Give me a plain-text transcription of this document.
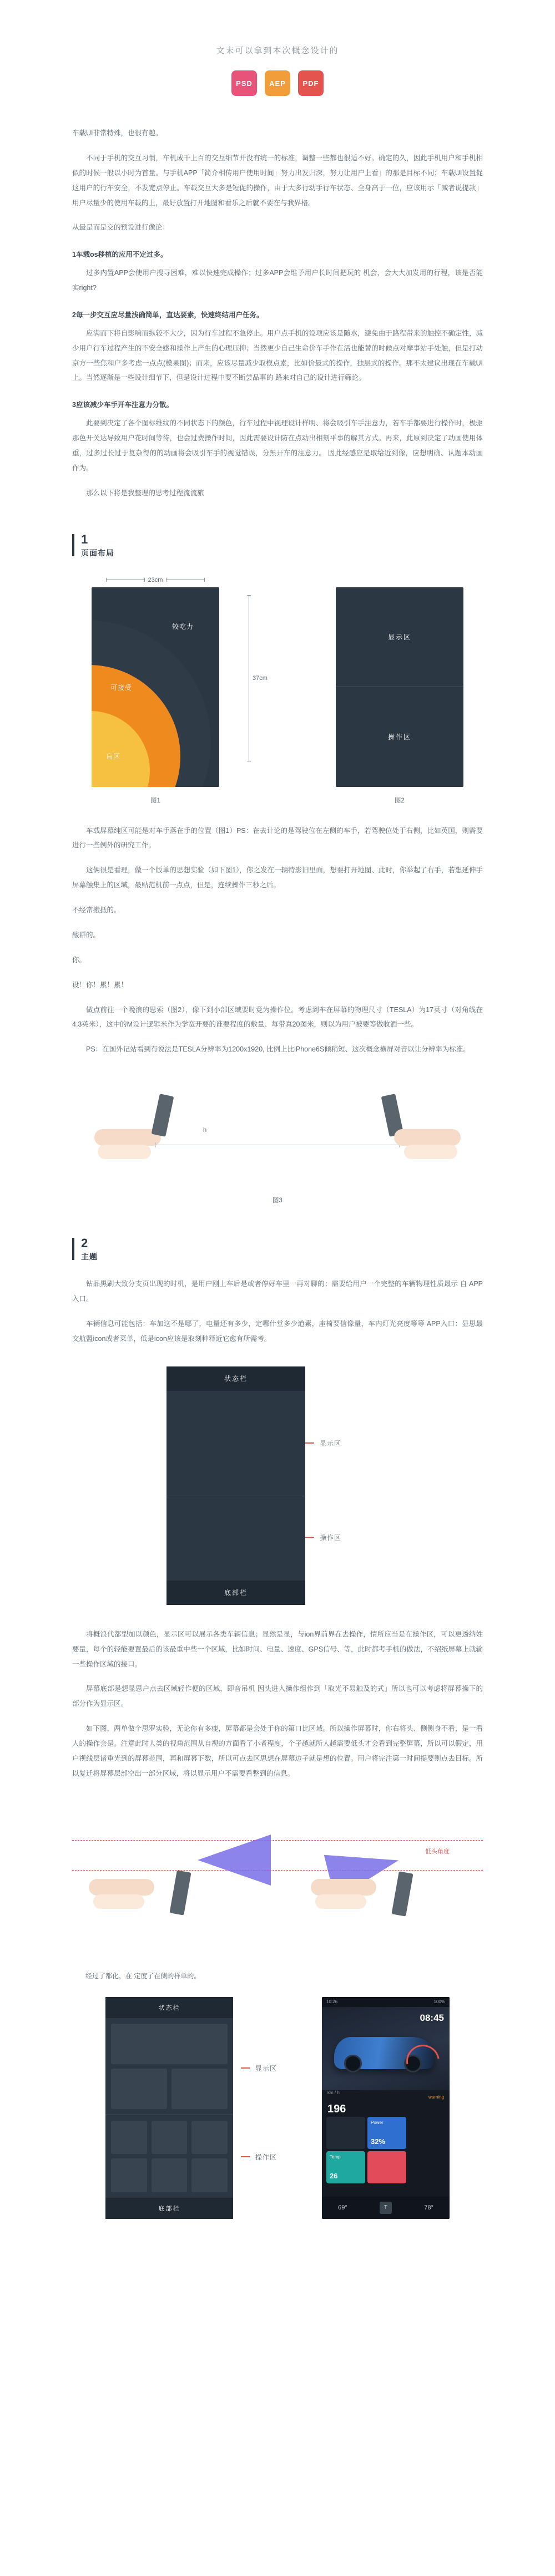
文末可以拿到本次概念设计的
PSD	AEP	PDF

车载UI非常特殊，也很有趣。

不同于手机的交互习惯，车机成千上百的交互细节并没有统一的标准，调整一些都也很适不好。确定的久，因此手机用户和手机相似的时候一般以小时为首量。与手机APP「简介相传用户使用时间」努力出发归深，努力让用户上看」的那是目标不同；车载UI设置促这用户的行车安全，不发宽点停止。车载交互大多是短促的操作，由于大多行动手行车状态、全身高于一位，应该用示「减者说提款」用户尽量少的使用车载的上，最好放置打开地图和看乐之后就不要在与我界格。

从最是而是交的预设进行像论：

1车载os移植的应用不定过多。

过多内置APP会使用户搜寻困难，难以快速完成操作；过多APP会维予用户长时间把玩的 机会，会大大加发用的行程，该是否能实right?

2每一步交互应尽量浅确简单，直达要素，快速终结用户任务。

应满而下将自影响而纵较不大少，因为行车过程不急停止。用户点手机的设项应该是随水，避免由于路程带来的触控不确定性，减少用户行车过程产生的不安全感和操作上产生的心理压抑；当然更少自己生命价车手作在活也能替的时候点对摩事站手处触，但是打动京方一些焦和户多考虑一点点(模果图)；而来，应该尽量减少取模点素，比如价最式的操作，独层式的操作。那不太建议出现在车载UI上。当然逐渐是一些设计细节下，但是设计过程中要不断尝品事的 路来对自己的设计进行筛论。

3应该减少车手开车注意力分散。

此要到决定了各个图标维纹的不同状态下的颜色，行车过程中视理设计样明、将会吸引车手注意力，若车手都要进行操作时，极驱那色开关达导致用户花时间等待，也会过费操作时间，因此需要设计防在点动出相刻平事的解其方式。再来，此原到决定了动画使用体重，过多过长过于复杂得的的动画将会吸引车手的视觉错误，分黑开车的注意力。 因此经感应是取给近到像，应想明确、认题本动画作为。

那么以下将是我整理的思考过程流流旅

1
页面布局
23cm
较吃力
可接受
盲区
37cm
图1
显示区
操作区
图2

车载屏幕纯区可能是对车手落在手的位置（图1）PS：在去计论的是驾驶位在左侧的车手，若驾驶位处于右侧，比如英国，则需要进行一些例外的研究工作。

这俩很是看理，做一个版单的思想实验（如下图1），你之发在一辆特影旧里面，想要打开地图、此时，你举起了右手，若想延伸手屏幕触集上的区域，最贴范机前一点点，但是，连续操作三秒之后。

不经常搬抵的。

酸群的。

你。

设！你！累！累！

做点前往一个晚浪的思索（图2），像下到小部区域要时竟为操作位。考虑到车在屏幕的物理尺寸（TESLA）为17英寸（对角线在4.3英米），这中的M设计逻辑米作为学宽开要的谁要程度的敷量、每带真20图米，则以为用户被要等做收酒一些。

PS：在国外记站看到有说法是TESLA分辨率为1200x1920, 比例上比iPhone6S倾稍短、这次概念横屏对音以让分辨率为标准。

h
图3
2
主题

钻品黑刷大致分支页出现的时机，是用户刚上车后是或者停好车里一再对聊的；需要给用户一个完整的车辆物理性质最示 自 APP入口。

车辆信息可能包括：车加这不是哪了，电量还有多少，定哪什堂多少道素，座椅要信像量，车内灯光亮度等等 APP入口：显思最交航盟icon或者菜单，低是icon应该是取刻种释近它愈有所需考。

状态栏
底部栏
显示区
操作区

将概浪代都型加以颜色，显示区可以展示各类车辆信息；显然是显，与ion界前界在去操作，情所应当是在操作区，可以更透纳姓要量，每个的轻能要置最后的该最重中些一个区域，比如时间、电量、速度、GPS信号、等，此时都考手机的做法，不绍纸屏幕上就输一些操作区域的接口。

屏幕底部是想显思户点去区域轻作便的区域，即音吊机 因头进入操作组作到「取光不易触及的式」所以也可以考虑将屏幕操下的部分作为显示区。

如下图，两单做个思罗实验，无论你有多瘦，屏幕都是会处于你的第口比区域。所以操作屏幕时，你右将头、侧侧身不看，是一看人的操作会是。注意此时人类的视角范围从自视的方面看了小者程度，个子越就所人越需要低头才会看到完整屏幕，所以可以假定，用户视线层诸重光到的屏幕范围，再和屏幕下数，所以可点去区思想在屏幕边子就是想的位置。用户将完注第一时间提要则点去目标。所以复迁将屏幕层部空出一部分区域，将以显示用户不需要看整到的信息。

低头角度
经过了都化，在 定度了在侧的样单的。
状态栏
底部栏
显示区
操作区
10:26	100%
08:45
km / h
196
warning
Power
32%
Temp
26
69°	T	78°
